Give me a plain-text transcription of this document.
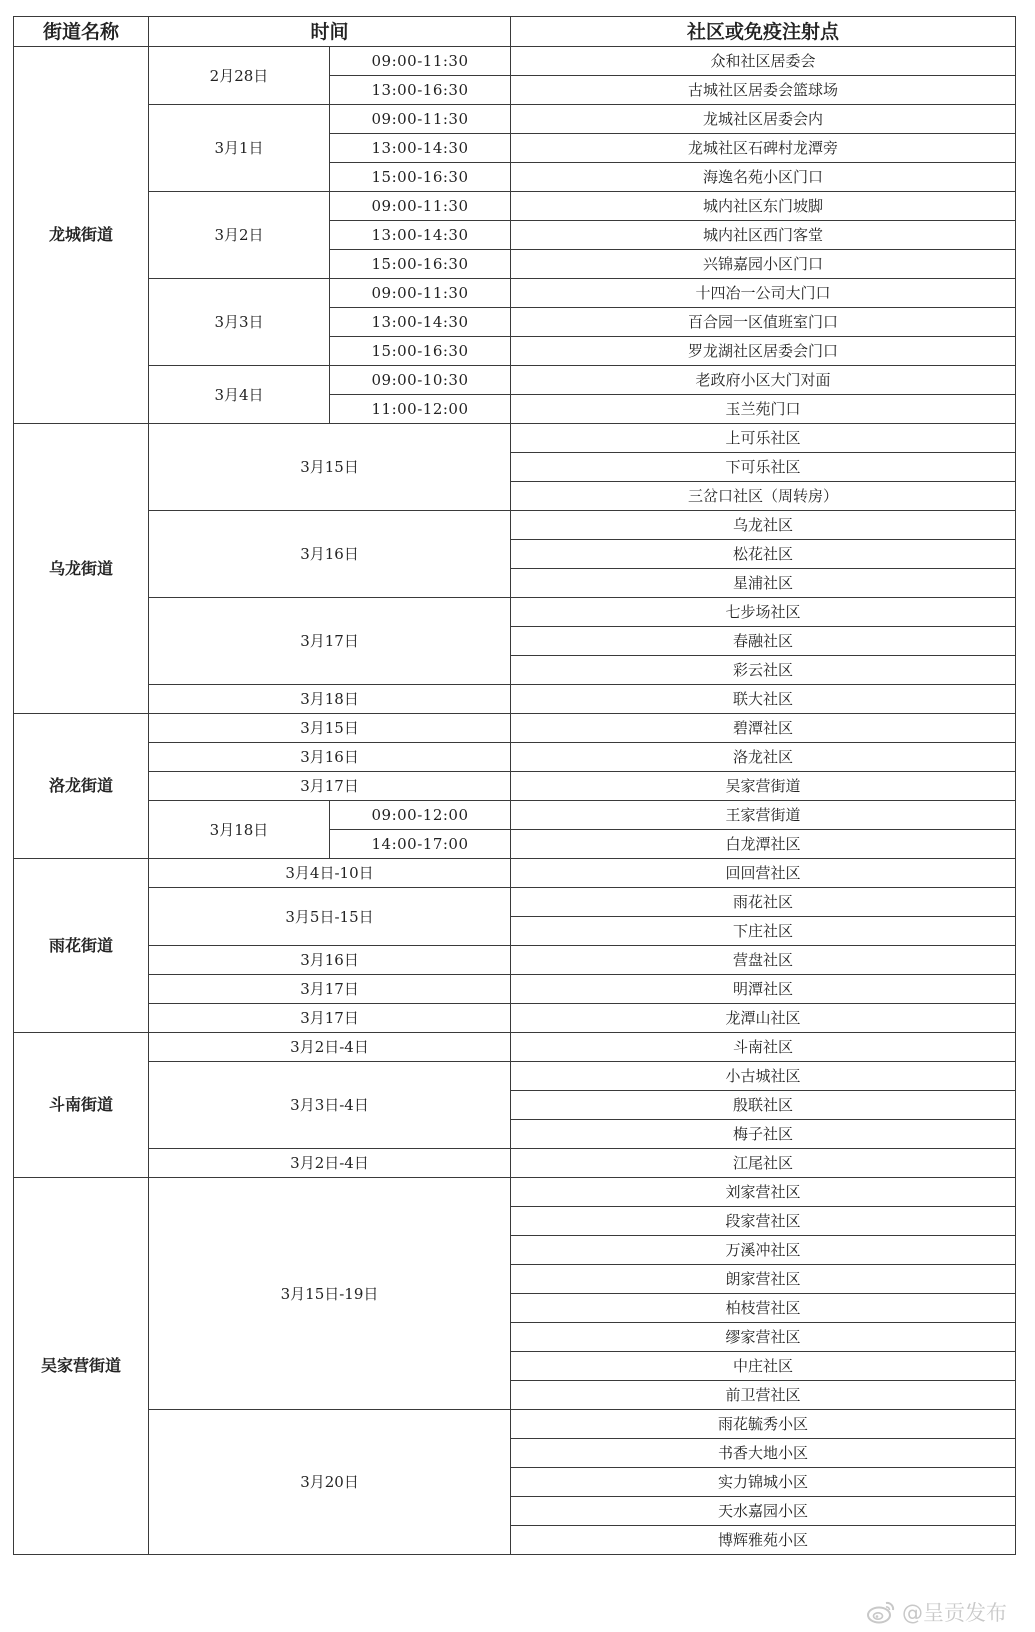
街道名称	时间		社区或免疫注射点
龙城街道	2月28日	09:00-11:30	众和社区居委会
		13:00-16:30	古城社区居委会篮球场
	3月1日	09:00-11:30	龙城社区居委会内
		13:00-14:30	龙城社区石碑村龙潭旁
		15:00-16:30	海逸名苑小区门口
	3月2日	09:00-11:30	城内社区东门坡脚
		13:00-14:30	城内社区西门客堂
		15:00-16:30	兴锦嘉园小区门口
	3月3日	09:00-11:30	十四冶一公司大门口
		13:00-14:30	百合园一区值班室门口
		15:00-16:30	罗龙湖社区居委会门口
	3月4日	09:00-10:30	老政府小区大门对面
		11:00-12:00	玉兰苑门口
乌龙街道	3月15日		上可乐社区
			下可乐社区
			三岔口社区（周转房）
	3月16日		乌龙社区
			松花社区
			星浦社区
	3月17日		七步场社区
			春融社区
			彩云社区
	3月18日		联大社区
洛龙街道	3月15日		碧潭社区
	3月16日		洛龙社区
	3月17日		吴家营街道
	3月18日	09:00-12:00	王家营街道
		14:00-17:00	白龙潭社区
雨花街道	3月4日-10日		回回营社区
	3月5日-15日		雨花社区
			下庄社区
	3月16日		营盘社区
	3月17日		明潭社区
	3月17日		龙潭山社区
斗南街道	3月2日-4日		斗南社区
	3月3日-4日		小古城社区
			殷联社区
			梅子社区
	3月2日-4日		江尾社区
吴家营街道	3月15日-19日		刘家营社区
			段家营社区
			万溪冲社区
			朗家营社区
			柏枝营社区
			缪家营社区
			中庄社区
			前卫营社区
	3月20日		雨花毓秀小区
			书香大地小区
			实力锦城小区
			天水嘉园小区
			博辉雅苑小区
@呈贡发布
